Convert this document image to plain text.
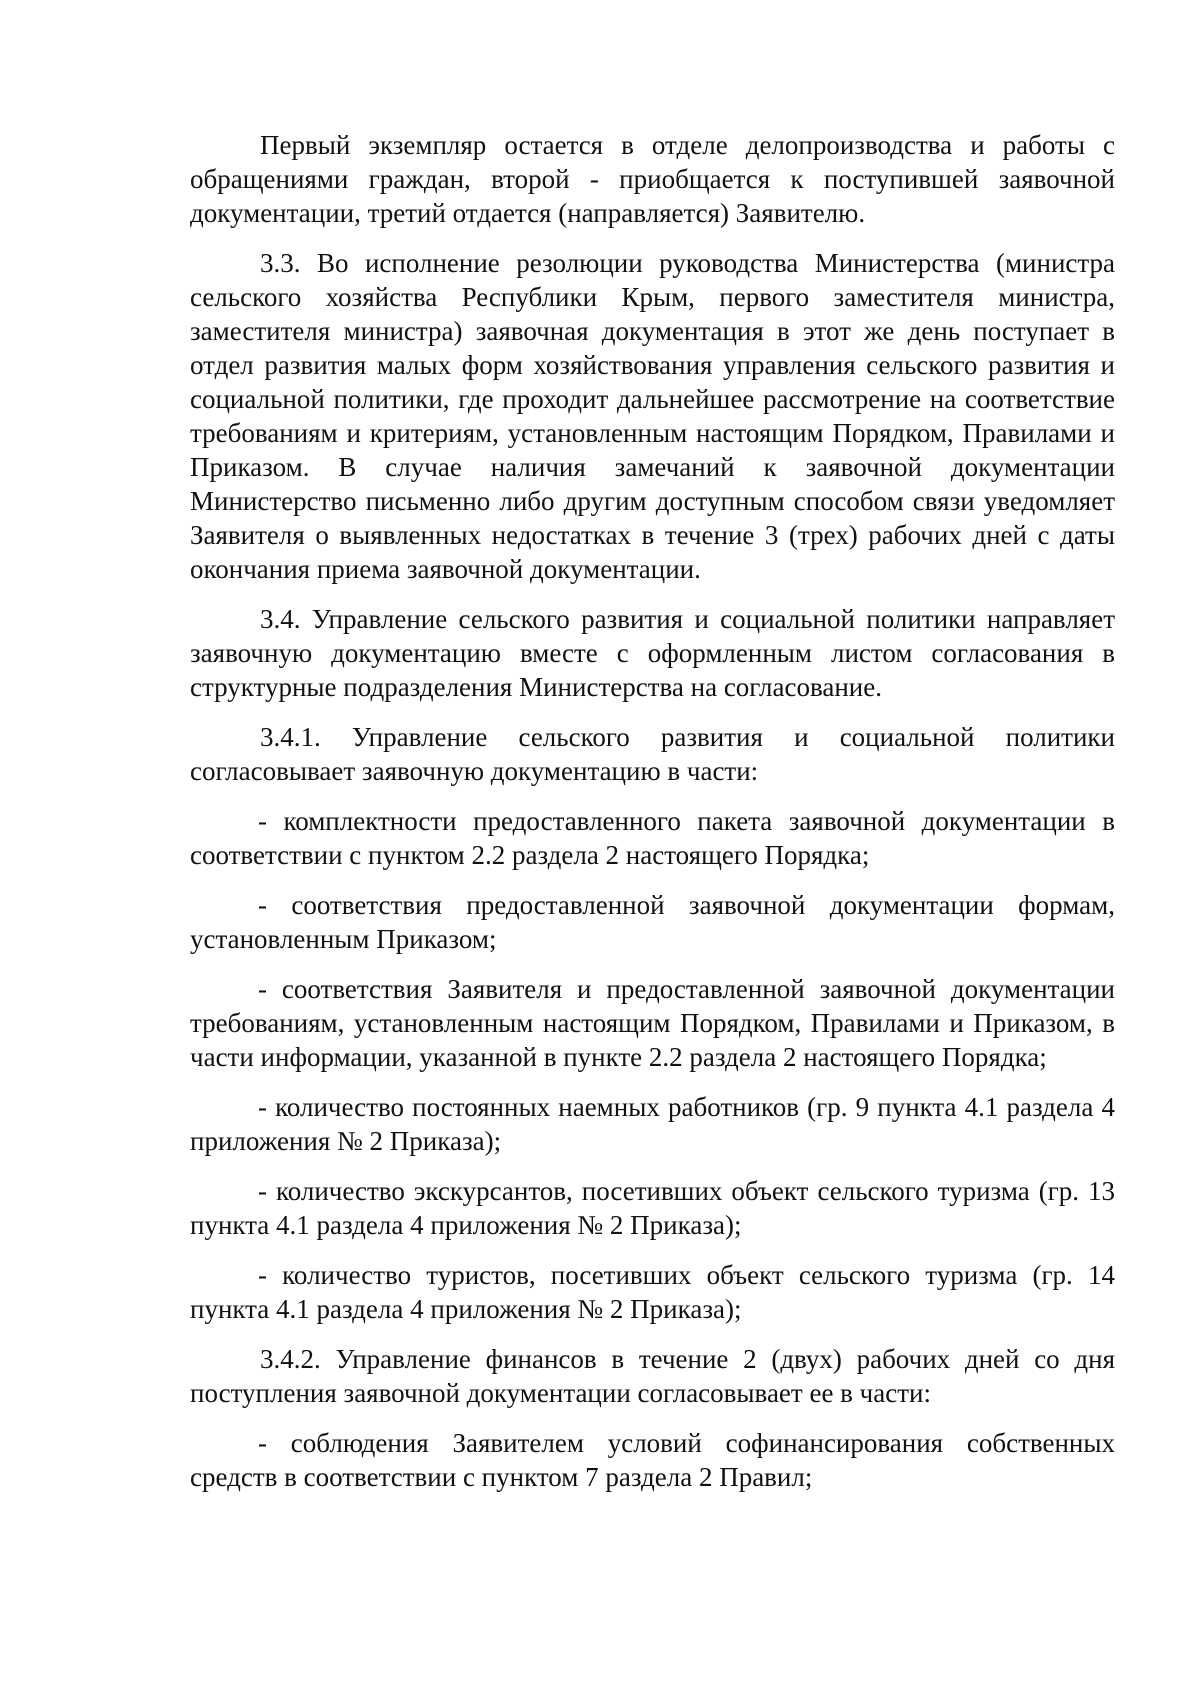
Первый экземпляр остается в отделе делопроизводства и работы с обращениями граждан, второй - приобщается к поступившей заявочной документации, третий отдается (направляется) Заявителю.

3.3. Во исполнение резолюции руководства Министерства (министра сельского хозяйства Республики Крым, первого заместителя министра, заместителя министра) заявочная документация в этот же день поступает в отдел развития малых форм хозяйствования управления сельского развития и социальной политики, где проходит дальнейшее рассмотрение на соответствие требованиям и критериям, установленным настоящим Порядком, Правилами и Приказом. В случае наличия замечаний к заявочной документации Министерство письменно либо другим доступным способом связи уведомляет Заявителя о выявленных недостатках в течение 3 (трех) рабочих дней с даты окончания приема заявочной документации.

3.4. Управление сельского развития и социальной политики направляет заявочную документацию вместе с оформленным листом согласования в структурные подразделения Министерства на согласование.

3.4.1. Управление сельского развития и социальной политики согласовывает заявочную документацию в части:

- комплектности предоставленного пакета заявочной документации в соответствии с пунктом 2.2 раздела 2 настоящего Порядка;

- соответствия предоставленной заявочной документации формам, установленным Приказом;

- соответствия Заявителя и предоставленной заявочной документации требованиям, установленным настоящим Порядком, Правилами и Приказом, в части информации, указанной в пункте 2.2 раздела 2 настоящего Порядка;

- количество постоянных наемных работников (гр. 9 пункта 4.1 раздела 4 приложения № 2 Приказа);

- количество экскурсантов, посетивших объект сельского туризма (гр. 13 пункта 4.1 раздела 4 приложения № 2 Приказа);

- количество туристов, посетивших объект сельского туризма (гр. 14 пункта 4.1 раздела 4 приложения № 2 Приказа);

3.4.2. Управление финансов в течение 2 (двух) рабочих дней со дня поступления заявочной документации согласовывает ее в части:

- соблюдения Заявителем условий софинансирования собственных средств в соответствии с пунктом 7 раздела 2 Правил;
